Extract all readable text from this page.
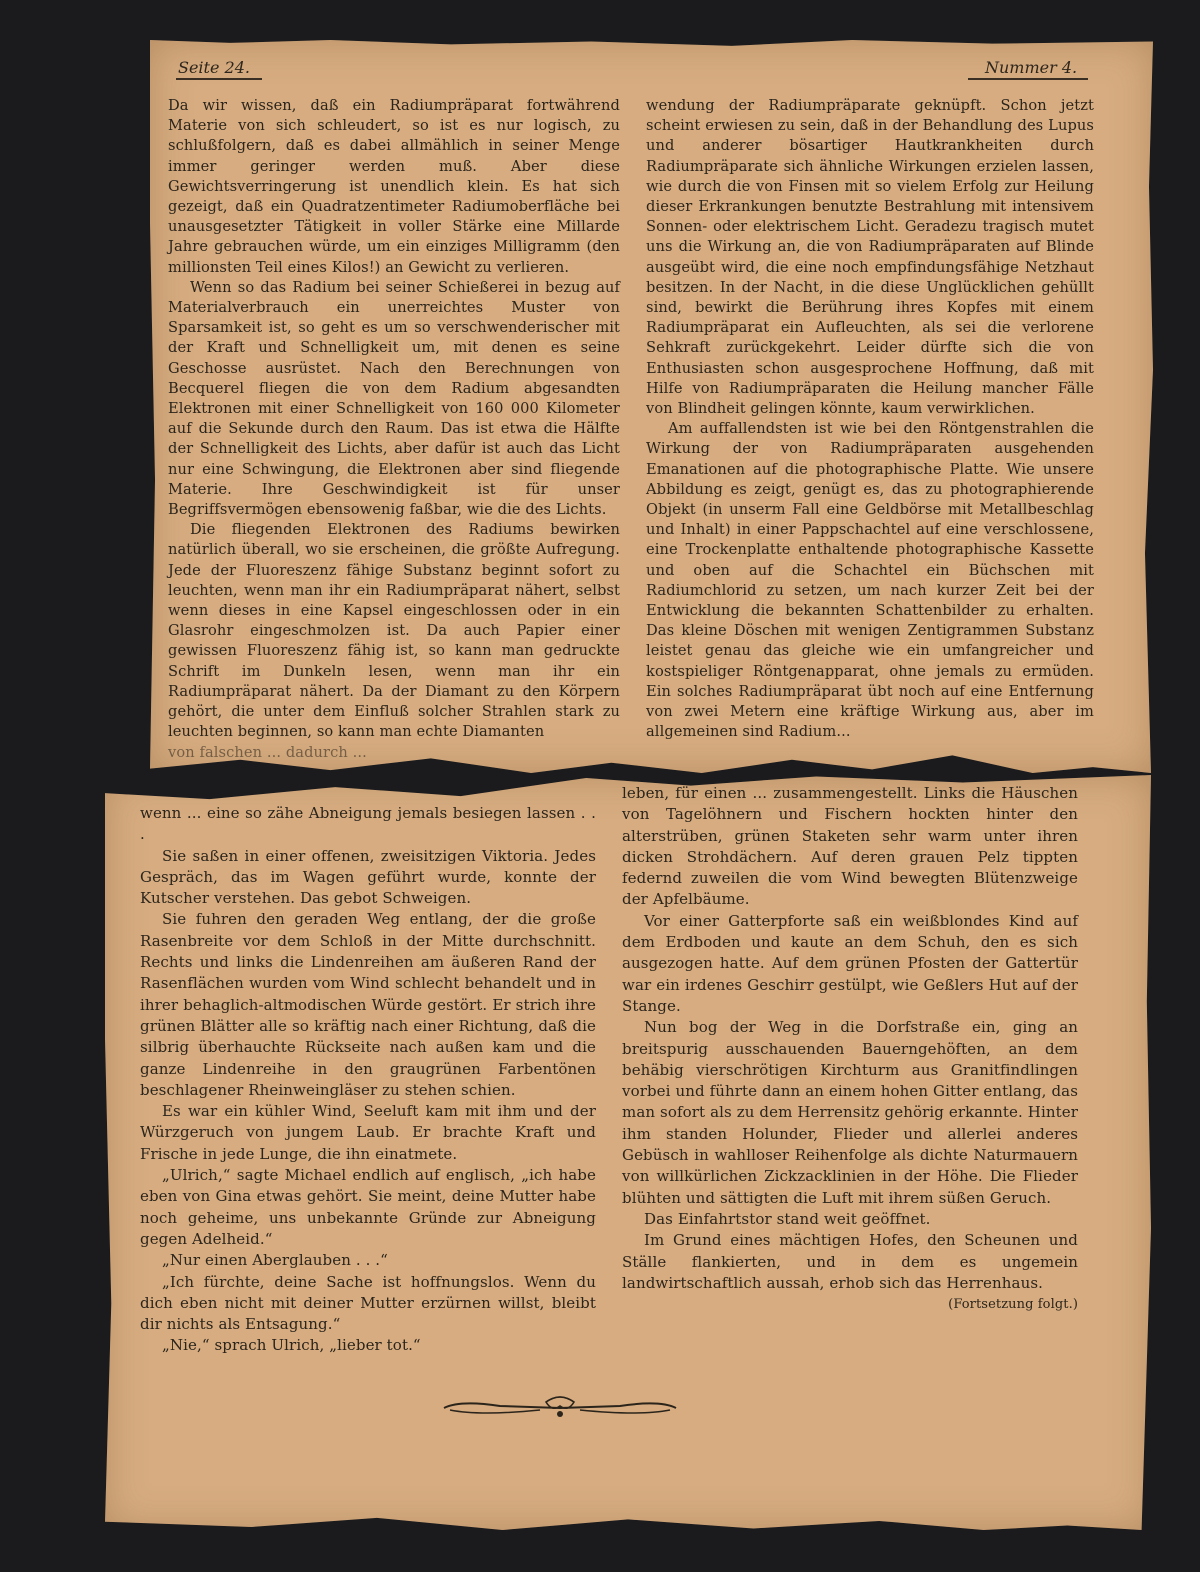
Seite 24.	Nummer 4.

Da wir wissen, daß ein Radiumpräparat fortwährend Materie von sich schleudert, so ist es nur logisch, zu schlußfolgern, daß es dabei allmählich in seiner Menge immer geringer werden muß. Aber diese Gewichtsverringerung ist unendlich klein. Es hat sich gezeigt, daß ein Quadratzentimeter Radiumoberfläche bei unausgesetzter Tätigkeit in voller Stärke eine Millarde Jahre gebrauchen würde, um ein einziges Milligramm (den millionsten Teil eines Kilos!) an Gewicht zu verlieren.

Wenn so das Radium bei seiner Schießerei in bezug auf Materialverbrauch ein unerreichtes Muster von Sparsamkeit ist, so geht es um so verschwenderischer mit der Kraft und Schnelligkeit um, mit denen es seine Geschosse ausrüstet. Nach den Berechnungen von Becquerel fliegen die von dem Radium abgesandten Elektronen mit einer Schnelligkeit von 160 000 Kilometer auf die Sekunde durch den Raum. Das ist etwa die Hälfte der Schnelligkeit des Lichts, aber dafür ist auch das Licht nur eine Schwingung, die Elektronen aber sind fliegende Materie. Ihre Geschwindigkeit ist für unser Begriffsvermögen ebensowenig faßbar, wie die des Lichts.

Die fliegenden Elektronen des Radiums bewirken natürlich überall, wo sie erscheinen, die größte Aufregung. Jede der Fluoreszenz fähige Substanz beginnt sofort zu leuchten, wenn man ihr ein Radiumpräparat nähert, selbst wenn dieses in eine Kapsel eingeschlossen oder in ein Glasrohr eingeschmolzen ist. Da auch Papier einer gewissen Fluoreszenz fähig ist, so kann man gedruckte Schrift im Dunkeln lesen, wenn man ihr ein Radiumpräparat nähert. Da der Diamant zu den Körpern gehört, die unter dem Einfluß solcher Strahlen stark zu leuchten beginnen, so kann man echte Diamanten

von falschen ... dadurch ...

wendung der Radiumpräparate geknüpft. Schon jetzt scheint erwiesen zu sein, daß in der Behandlung des Lupus und anderer bösartiger Hautkrankheiten durch Radiumpräparate sich ähnliche Wirkungen erzielen lassen, wie durch die von Finsen mit so vielem Erfolg zur Heilung dieser Erkrankungen benutzte Bestrahlung mit intensivem Sonnen- oder elektrischem Licht. Geradezu tragisch mutet uns die Wirkung an, die von Radiumpräparaten auf Blinde ausgeübt wird, die eine noch empfindungsfähige Netzhaut besitzen. In der Nacht, in die diese Unglücklichen gehüllt sind, bewirkt die Berührung ihres Kopfes mit einem Radiumpräparat ein Aufleuchten, als sei die verlorene Sehkraft zurückgekehrt. Leider dürfte sich die von Enthusiasten schon ausgesprochene Hoffnung, daß mit Hilfe von Radiumpräparaten die Heilung mancher Fälle von Blindheit gelingen könnte, kaum verwirklichen.

Am auffallendsten ist wie bei den Röntgenstrahlen die Wirkung der von Radiumpräparaten ausgehenden Emanationen auf die photographische Platte. Wie unsere Abbildung es zeigt, genügt es, das zu photographierende Objekt (in unserm Fall eine Geldbörse mit Metallbeschlag und Inhalt) in einer Pappschachtel auf eine verschlossene, eine Trockenplatte enthaltende photographische Kassette und oben auf die Schachtel ein Büchschen mit Radiumchlorid zu setzen, um nach kurzer Zeit bei der Entwicklung die bekannten Schattenbilder zu erhalten. Das kleine Döschen mit wenigen Zentigrammen Substanz leistet genau das gleiche wie ein umfangreicher und kostspieliger Röntgenapparat, ohne jemals zu ermüden. Ein solches Radiumpräparat übt noch auf eine Entfernung von zwei Metern eine kräftige Wirkung aus, aber im allgemeinen sind Radium...

wenn ... eine so zähe Abneigung jemals besiegen lassen . . .

Sie saßen in einer offenen, zweisitzigen Viktoria. Jedes Gespräch, das im Wagen geführt wurde, konnte der Kutscher verstehen. Das gebot Schweigen.

Sie fuhren den geraden Weg entlang, der die große Rasenbreite vor dem Schloß in der Mitte durchschnitt. Rechts und links die Lindenreihen am äußeren Rand der Rasenflächen wurden vom Wind schlecht behandelt und in ihrer behaglich-altmodischen Würde gestört. Er strich ihre grünen Blätter alle so kräftig nach einer Richtung, daß die silbrig überhauchte Rückseite nach außen kam und die ganze Lindenreihe in den graugrünen Farbentönen beschlagener Rheinweingläser zu stehen schien.

Es war ein kühler Wind, Seeluft kam mit ihm und der Würzgeruch von jungem Laub. Er brachte Kraft und Frische in jede Lunge, die ihn einatmete.

„Ulrich,“ sagte Michael endlich auf englisch, „ich habe eben von Gina etwas gehört. Sie meint, deine Mutter habe noch geheime, uns unbekannte Gründe zur Abneigung gegen Adelheid.“

„Nur einen Aberglauben . . .“

„Ich fürchte, deine Sache ist hoffnungslos. Wenn du dich eben nicht mit deiner Mutter erzürnen willst, bleibt dir nichts als Entsagung.“

„Nie,“ sprach Ulrich, „lieber tot.“

leben, für einen ... zusammengestellt. Links die Häuschen von Tagelöhnern und Fischern hockten hinter den alterstrüben, grünen Staketen sehr warm unter ihren dicken Strohdächern. Auf deren grauen Pelz tippten federnd zuweilen die vom Wind bewegten Blütenzweige der Apfelbäume.

Vor einer Gatterpforte saß ein weißblondes Kind auf dem Erdboden und kaute an dem Schuh, den es sich ausgezogen hatte. Auf dem grünen Pfosten der Gattertür war ein irdenes Geschirr gestülpt, wie Geßlers Hut auf der Stange.

Nun bog der Weg in die Dorfstraße ein, ging an breitspurig ausschauenden Bauerngehöften, an dem behäbig vierschrötigen Kirchturm aus Granitfindlingen vorbei und führte dann an einem hohen Gitter entlang, das man sofort als zu dem Herrensitz gehörig erkannte. Hinter ihm standen Holunder, Flieder und allerlei anderes Gebüsch in wahlloser Reihenfolge als dichte Naturmauern von willkürlichen Zickzacklinien in der Höhe. Die Flieder blühten und sättigten die Luft mit ihrem süßen Geruch.

Das Einfahrtstor stand weit geöffnet.

Im Grund eines mächtigen Hofes, den Scheunen und Ställe flankierten, und in dem es ungemein landwirtschaftlich aussah, erhob sich das Herrenhaus.

(Fortsetzung folgt.)
